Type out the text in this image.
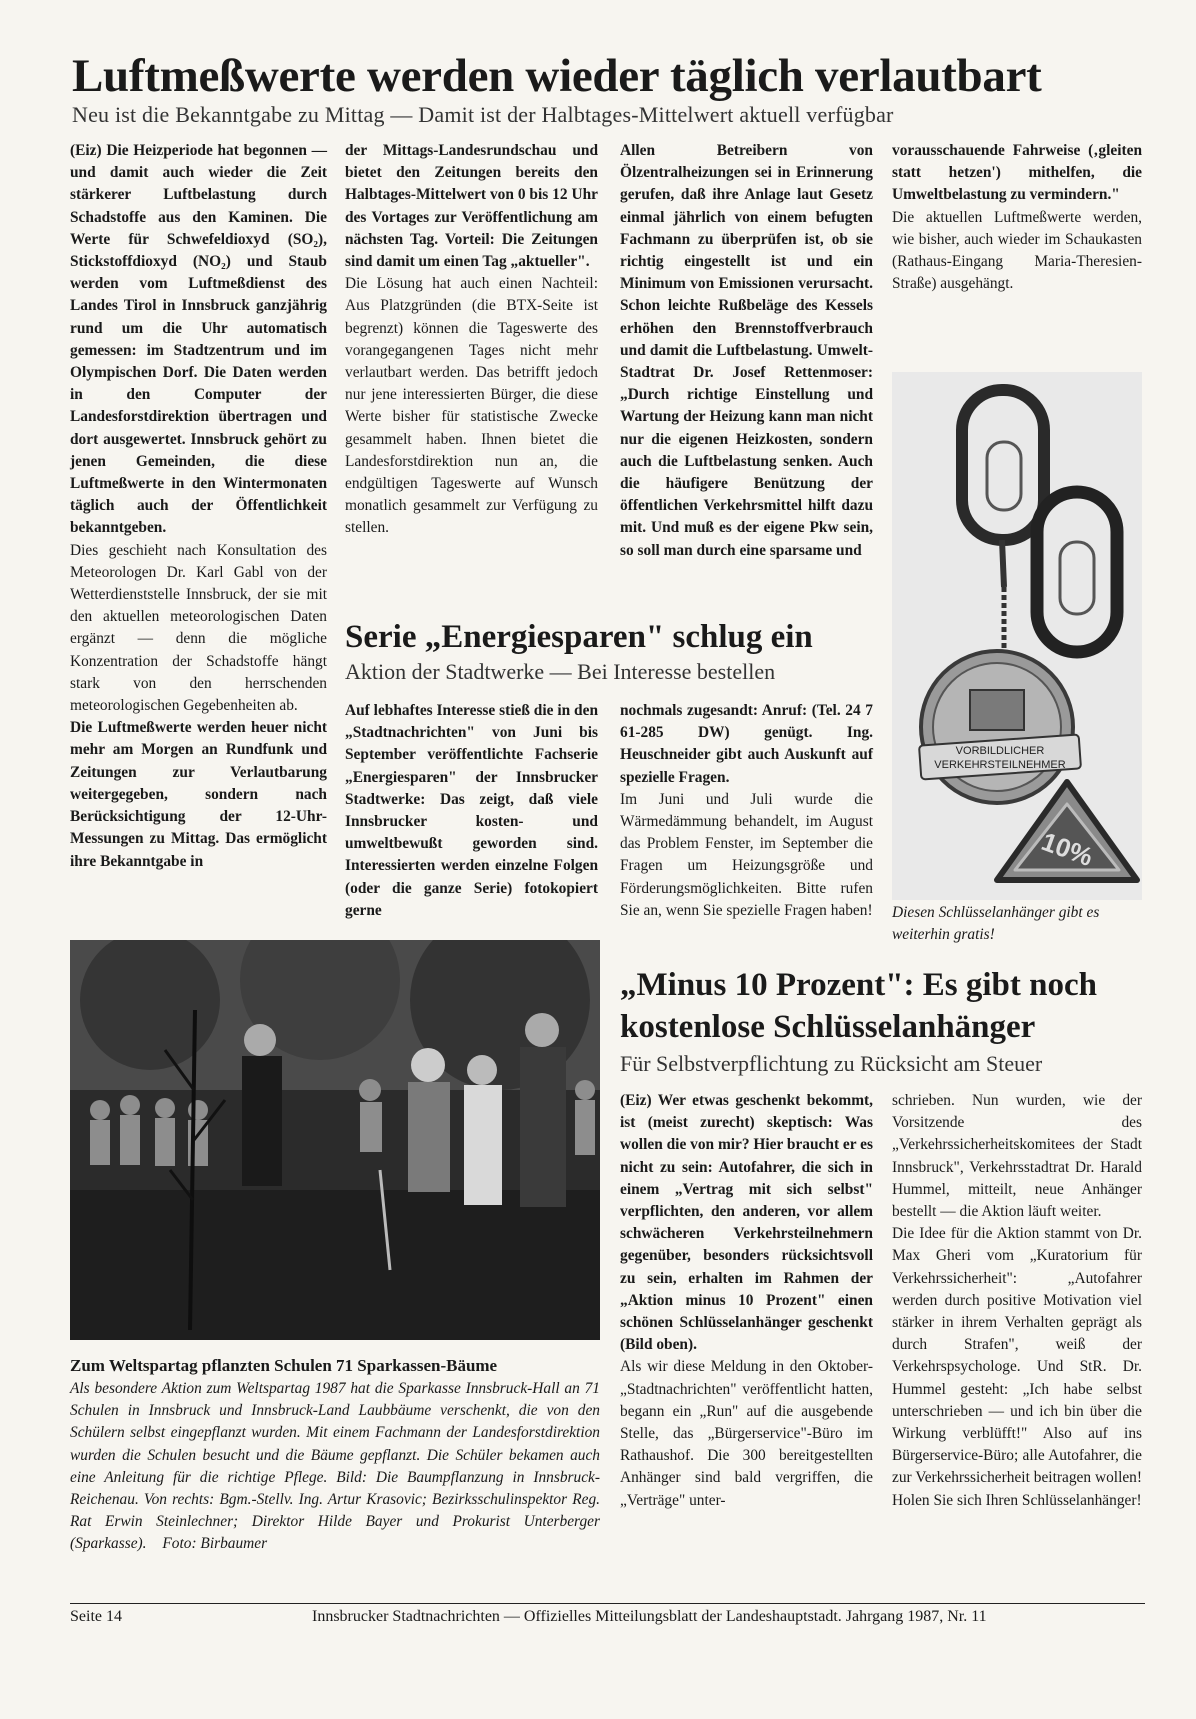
Luftmeßwerte werden wieder täglich verlautbart
Neu ist die Bekanntgabe zu Mittag — Damit ist der Halbtages-Mittelwert aktuell verfügbar

(Eiz) Die Heizperiode hat begonnen — und damit auch wieder die Zeit stärkerer Luftbelastung durch Schadstoffe aus den Kaminen. Die Werte für Schwefeldioxyd (SO₂), Stickstoffdioxyd (NO₂) und Staub werden vom Luftmeßdienst des Landes Tirol in Innsbruck ganzjährig rund um die Uhr automatisch gemessen: im Stadtzentrum und im Olympischen Dorf. Die Daten werden in den Computer der Landesforstdirektion übertragen und dort ausgewertet. Innsbruck gehört zu jenen Gemeinden, die diese Luftmeßwerte in den Wintermonaten täglich auch der Öffentlichkeit bekanntgeben.

Dies geschieht nach Konsultation des Meteorologen Dr. Karl Gabl von der Wetterdienststelle Innsbruck, der sie mit den aktuellen meteorologischen Daten ergänzt — denn die mögliche Konzentration der Schadstoffe hängt stark von den herrschenden meteorologischen Gegebenheiten ab.

Die Luftmeßwerte werden heuer nicht mehr am Morgen an Rundfunk und Zeitungen zur Verlautbarung weitergegeben, sondern nach Berücksichtigung der 12-Uhr-Messungen zu Mittag. Das ermöglicht ihre Bekanntgabe in

der Mittags-Landesrundschau und bietet den Zeitungen bereits den Halbtages-Mittelwert von 0 bis 12 Uhr des Vortages zur Veröffentlichung am nächsten Tag. Vorteil: Die Zeitungen sind damit um einen Tag „aktueller".

Die Lösung hat auch einen Nachteil: Aus Platzgründen (die BTX-Seite ist begrenzt) können die Tageswerte des vorangegangenen Tages nicht mehr verlautbart werden. Das betrifft jedoch nur jene interessierten Bürger, die diese Werte bisher für statistische Zwecke gesammelt haben. Ihnen bietet die Landesforstdirektion nun an, die endgültigen Tageswerte auf Wunsch monatlich gesammelt zur Verfügung zu stellen.

Allen Betreibern von Ölzentralheizungen sei in Erinnerung gerufen, daß ihre Anlage laut Gesetz einmal jährlich von einem befugten Fachmann zu überprüfen ist, ob sie richtig eingestellt ist und ein Minimum von Emissionen verursacht. Schon leichte Rußbeläge des Kessels erhöhen den Brennstoffverbrauch und damit die Luftbelastung. Umwelt-Stadtrat Dr. Josef Rettenmoser: „Durch richtige Einstellung und Wartung der Heizung kann man nicht nur die eigenen Heizkosten, sondern auch die Luftbelastung senken. Auch die häufigere Benützung der öffentlichen Verkehrsmittel hilft dazu mit. Und muß es der eigene Pkw sein, so soll man durch eine sparsame und

vorausschauende Fahrweise (‚gleiten statt hetzen') mithelfen, die Umweltbelastung zu vermindern."

Die aktuellen Luftmeßwerte werden, wie bisher, auch wieder im Schaukasten (Rathaus-Eingang Maria-Theresien-Straße) ausgehängt.

VORBILDLICHER
VERKEHRSTEILNEHMER
10%
Diesen Schlüsselanhänger gibt es weiterhin gratis!
Serie „Energiesparen" schlug ein
Aktion der Stadtwerke — Bei Interesse bestellen

Auf lebhaftes Interesse stieß die in den „Stadtnachrichten" von Juni bis September veröffentlichte Fachserie „Energiesparen" der Innsbrucker Stadtwerke: Das zeigt, daß viele Innsbrucker kosten- und umweltbewußt geworden sind. Interessierten werden einzelne Folgen (oder die ganze Serie) fotokopiert gerne

nochmals zugesandt: Anruf: (Tel. 24 7 61-285 DW) genügt. Ing. Heuschneider gibt auch Auskunft auf spezielle Fragen.

Im Juni und Juli wurde die Wärmedämmung behandelt, im August das Problem Fenster, im September die Fragen um Heizungsgröße und Förderungsmöglichkeiten. Bitte rufen Sie an, wenn Sie spezielle Fragen haben!

Zum Weltspartag pflanzten Schulen 71 Sparkassen-Bäume
Als besondere Aktion zum Weltspartag 1987 hat die Sparkasse Innsbruck-Hall an 71 Schulen in Innsbruck und Innsbruck-Land Laubbäume verschenkt, die von den Schülern selbst eingepflanzt wurden. Mit einem Fachmann der Landesforstdirektion wurden die Schulen besucht und die Bäume gepflanzt. Die Schüler bekamen auch eine Anleitung für die richtige Pflege. Bild: Die Baumpflanzung in Innsbruck-Reichenau. Von rechts: Bgm.-Stellv. Ing. Artur Krasovic; Bezirksschulinspektor Reg. Rat Erwin Steinlechner; Direktor Hilde Bayer und Prokurist Unterberger (Sparkasse). Foto: Birbaumer
„Minus 10 Prozent": Es gibt noch kostenlose Schlüsselanhänger
Für Selbstverpflichtung zu Rücksicht am Steuer

(Eiz) Wer etwas geschenkt bekommt, ist (meist zurecht) skeptisch: Was wollen die von mir? Hier braucht er es nicht zu sein: Autofahrer, die sich in einem „Vertrag mit sich selbst" verpflichten, den anderen, vor allem schwächeren Verkehrsteilnehmern gegenüber, besonders rücksichtsvoll zu sein, erhalten im Rahmen der „Aktion minus 10 Prozent" einen schönen Schlüsselanhänger geschenkt (Bild oben).

Als wir diese Meldung in den Oktober-„Stadtnachrichten" veröffentlicht hatten, begann ein „Run" auf die ausgebende Stelle, das „Bürgerservice"-Büro im Rathaushof. Die 300 bereitgestellten Anhänger sind bald vergriffen, die „Verträge" unter-

schrieben. Nun wurden, wie der Vorsitzende des „Verkehrssicherheitskomitees der Stadt Innsbruck", Verkehrsstadtrat Dr. Harald Hummel, mitteilt, neue Anhänger bestellt — die Aktion läuft weiter.

Die Idee für die Aktion stammt von Dr. Max Gheri vom „Kuratorium für Verkehrssicherheit": „Autofahrer werden durch positive Motivation viel stärker in ihrem Verhalten geprägt als durch Strafen", weiß der Verkehrspsychologe. Und StR. Dr. Hummel gesteht: „Ich habe selbst unterschrieben — und ich bin über die Wirkung verblüfft!" Also auf ins Bürgerservice-Büro; alle Autofahrer, die zur Verkehrssicherheit beitragen wollen! Holen Sie sich Ihren Schlüsselanhänger!

Seite 14	Innsbrucker Stadtnachrichten — Offizielles Mitteilungsblatt der Landeshauptstadt. Jahrgang 1987, Nr. 11
